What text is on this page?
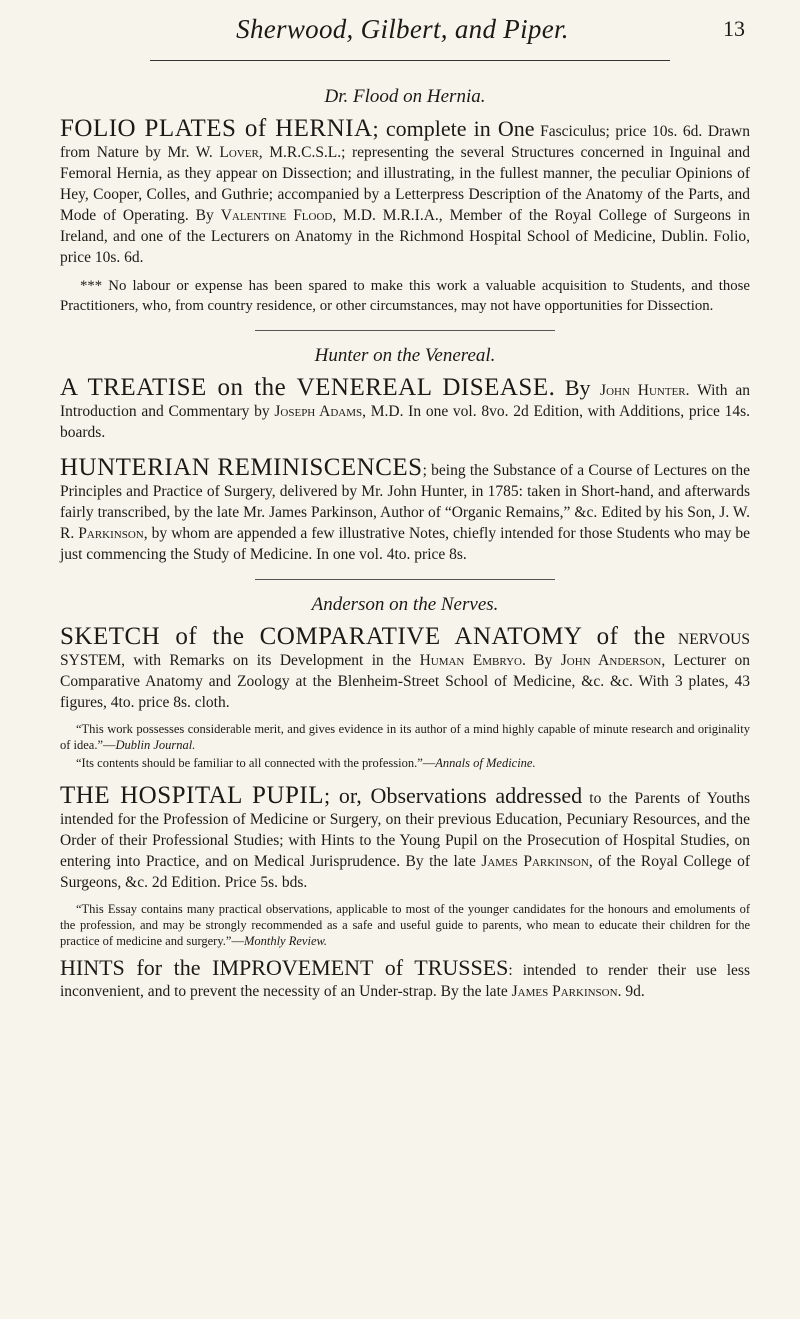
Sherwood, Gilbert, and Piper.	13
Dr. Flood on Hernia.

FOLIO PLATES of HERNIA; complete in One Fasciculus; price 10s. 6d. Drawn from Nature by Mr. W. Lover, M.R.C.S.L.; representing the several Structures concerned in Inguinal and Femoral Hernia, as they appear on Dissection; and illustrating, in the fullest manner, the peculiar Opinions of Hey, Cooper, Colles, and Guthrie; accompanied by a Letterpress Description of the Anatomy of the Parts, and Mode of Operating. By Valentine Flood, M.D. M.R.I.A., Member of the Royal College of Surgeons in Ireland, and one of the Lecturers on Anatomy in the Richmond Hospital School of Medicine, Dublin. Folio, price 10s. 6d.

*** No labour or expense has been spared to make this work a valuable acquisition to Students, and those Practitioners, who, from country residence, or other circumstances, may not have opportunities for Dissection.

Hunter on the Venereal.

A TREATISE on the VENEREAL DISEASE. By John Hunter. With an Introduction and Commentary by Joseph Adams, M.D. In one vol. 8vo. 2d Edition, with Additions, price 14s. boards.

HUNTERIAN REMINISCENCES; being the Substance of a Course of Lectures on the Principles and Practice of Surgery, delivered by Mr. John Hunter, in 1785: taken in Short-hand, and afterwards fairly transcribed, by the late Mr. James Parkinson, Author of “Organic Remains,” &c. Edited by his Son, J. W. R. Parkinson, by whom are appended a few illustrative Notes, chiefly intended for those Students who may be just commencing the Study of Medicine. In one vol. 4to. price 8s.

Anderson on the Nerves.

SKETCH of the COMPARATIVE ANATOMY of the NERVOUS SYSTEM, with Remarks on its Development in the Human Embryo. By John Anderson, Lecturer on Comparative Anatomy and Zoology at the Blenheim-Street School of Medicine, &c. &c. With 3 plates, 43 figures, 4to. price 8s. cloth.

“This work possesses considerable merit, and gives evidence in its author of a mind highly capable of minute research and originality of idea.”—Dublin Journal.

“Its contents should be familiar to all connected with the profession.”—Annals of Medicine.

THE HOSPITAL PUPIL; or, Observations addressed to the Parents of Youths intended for the Profession of Medicine or Surgery, on their previous Education, Pecuniary Resources, and the Order of their Professional Studies; with Hints to the Young Pupil on the Prosecution of Hospital Studies, on entering into Practice, and on Medical Jurisprudence. By the late James Parkinson, of the Royal College of Surgeons, &c. 2d Edition. Price 5s. bds.

“This Essay contains many practical observations, applicable to most of the younger candidates for the honours and emoluments of the profession, and may be strongly recommended as a safe and useful guide to parents, who mean to educate their children for the practice of medicine and surgery.”—Monthly Review.

HINTS for the IMPROVEMENT of TRUSSES: intended to render their use less inconvenient, and to prevent the necessity of an Under-strap. By the late James Parkinson. 9d.
